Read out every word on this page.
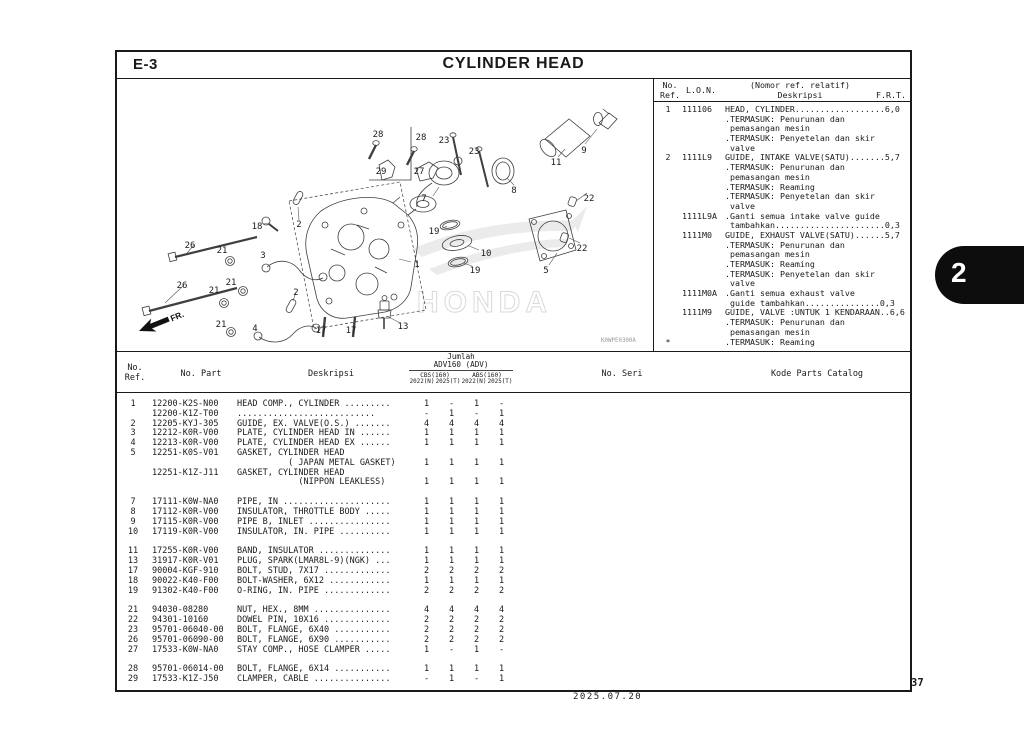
E-3	CYLINDER HEAD
HONDA
28	28 23
23	9
11
29	27
8
7	22
18	2
19
22
26 21	3	10
1
19	5
21
26 21	2
21	4	17 17	13
FR.
K0WPE0300A
No.
Ref. L.O.N.	(Nomor ref. relatif)
Deskripsi	F.R.T.
1	111106	HEAD, CYLINDER..................6,0
.TERMASUK: Penurunan dan
pemasangan mesin
.TERMASUK: Penyetelan dan skir
valve
2	1111L9	GUIDE, INTAKE VALVE(SATU).......5,7
.TERMASUK: Penurunan dan
pemasangan mesin
.TERMASUK: Reaming
.TERMASUK: Penyetelan dan skir
valve
1111L9A .Ganti semua intake valve guide
tambahkan......................0,3
1111M0	GUIDE, EXHAUST VALVE(SATU)......5,7
.TERMASUK: Penurunan dan
pemasangan mesin
.TERMASUK: Reaming
.TERMASUK: Penyetelan dan skir
valve
1111M0A .Ganti semua exhaust valve
guide tambahkan...............0,3
1111M9	GUIDE, VALVE :UNTUK 1 KENDARAAN..6,6
.TERMASUK: Penurunan dan
pemasangan mesin
*	.TERMASUK: Reaming
No.
Ref.	No. Part	Deskripsi
Jumlah
ADV160 (ADV)
CBS(160)	ABS(160)
2022(N) 2025(T) 2022(N) 2025(T)
No. Seri	Kode Parts Catalog
1	12200-K2S-N00	HEAD COMP., CYLINDER .........	1	-	1	-
12200-K1Z-T00	...........................	-	1	-	1
2	12205-KYJ-305	GUIDE, EX. VALVE(O.S.) .......	4	4	4	4
3	12212-K0R-V00	PLATE, CYLINDER HEAD IN ......	1	1	1	1
4	12213-K0R-V00	PLATE, CYLINDER HEAD EX ......	1	1	1	1
5	12251-K0S-V01	GASKET, CYLINDER HEAD
( JAPAN METAL GASKET)	1	1	1	1
12251-K1Z-J11	GASKET, CYLINDER HEAD
(NIPPON LEAKLESS)	1	1	1	1
7	17111-K0W-NA0	PIPE, IN .....................	1	1	1	1
8	17112-K0R-V00	INSULATOR, THROTTLE BODY .....	1	1	1	1
9	17115-K0R-V00	PIPE B, INLET ................	1	1	1	1
10	17119-K0R-V00	INSULATOR, IN. PIPE ..........	1	1	1	1
11	17255-K0R-V00	BAND, INSULATOR ..............	1	1	1	1
13	31917-K0R-V01	PLUG, SPARK(LMAR8L-9)(NGK) ...	1	1	1	1
17	90004-KGF-910	BOLT, STUD, 7X17 .............	2	2	2	2
18	90022-K40-F00	BOLT-WASHER, 6X12 ............	1	1	1	1
19	91302-K40-F00	O-RING, IN. PIPE .............	2	2	2	2
21	94030-08280	NUT, HEX., 8MM ...............	4	4	4	4
22	94301-10160	DOWEL PIN, 10X16 .............	2	2	2	2
23	95701-06040-00	BOLT, FLANGE, 6X40 ...........	2	2	2	2
26	95701-06090-00	BOLT, FLANGE, 6X90 ...........	2	2	2	2
27	17533-K0W-NA0	STAY COMP., HOSE CLAMPER .....	1	-	1	-
28	95701-06014-00	BOLT, FLANGE, 6X14 ...........	1	1	1	1
29	17533-K1Z-J50	CLAMPER, CABLE ...............	-	1	-	1
2
2025.07.20
37
